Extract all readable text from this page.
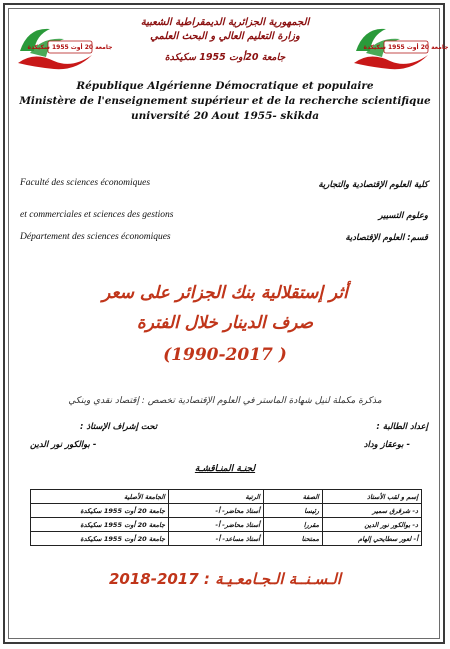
جامعة 20 أوت 1955 سكيكدة	جامعة 20 أوت 1955 سكيكدة
الجمهورية الجزائرية الديمقراطية الشعبية
وزارة التعليم العالي و البحث العلمي
جامعة 20أوت 1955 سكيكدة
République Algérienne Démocratique et populaire
Ministère de l'enseignement supérieur et de la recherche scientifique
université 20 Aout 1955- skikda
Faculté des sciences économiques
et commerciales et sciences des gestions
Département des sciences économiques
كلية العلوم الإقتصادية والتجارية
وعلوم التسيير
قسم: العلوم الإقتصادية
أثر إستقلالية بنك الجزائر على سعر
صرف الدينار خلال الفترة
(1990-2017 )
مذكرة مكملة لنيل شهادة الماستر في العلوم الإقتصادية تخصص : إقتصاد نقدي وبنكي
إعداد الطالبة :
- بوعقاز وداد
تحت إشراف الإستاذ :
- بوالكور نور الدين
لجنـة المنـاقشـة
إسم و لقب الأستاذ	الصفة	الرتبة	الجامعة الأصلية
د- شرقرق سمير	رئيسا	أستاذ محاضر- أ-	جامعة 20 أوت 1955 سكيكدة
د- بوالكور نور الدين	مقررا	أستاذ محاضر- أ-	جامعة 20 أوت 1955 سكيكدة
أ- لعور سطايحي إلهام	ممتحنا	أستاذ مساعد- أ-	جامعة 20 أوت 1955 سكيكدة
الـسـنــة الـجـامعـيـة : 2017-2018
